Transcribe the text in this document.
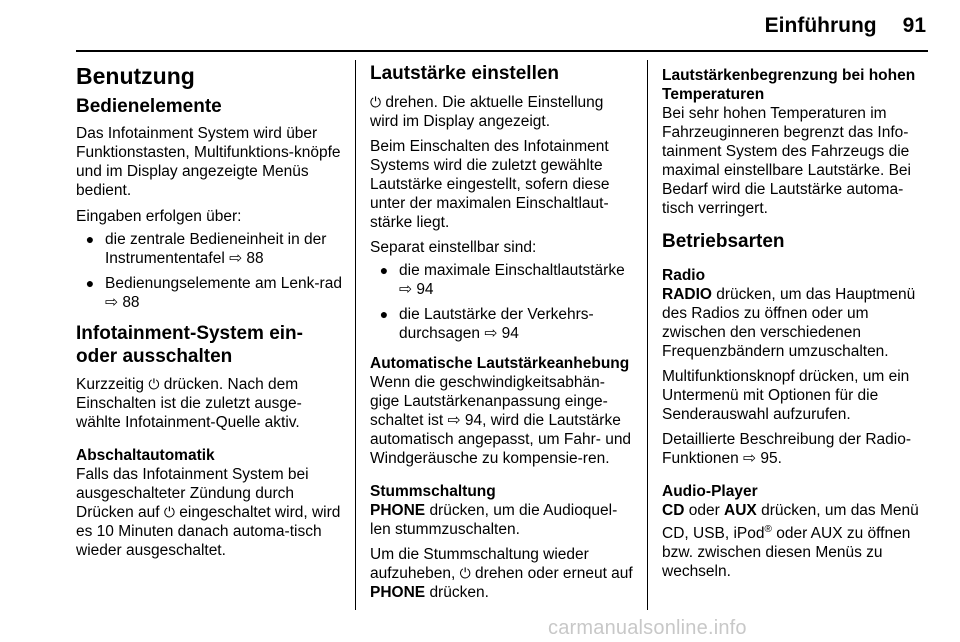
Einführung 91

Benutzung

Bedienelemente

Das Infotainment System wird über Funktionstasten, Multifunktions-knöpfe und im Display angezeigte Menüs bedient.

Eingaben erfolgen über:

● die zentrale Bedieneinheit in der Instrumententafel ⇨ 88
● Bedienungselemente am Lenk-rad ⇨ 88

Infotainment-System ein- oder ausschalten

Kurzzeitig ⏻ drücken. Nach dem Einschalten ist die zuletzt ausge-wählte Infotainment-Quelle aktiv.

Abschaltautomatik

Falls das Infotainment System bei ausgeschalteter Zündung durch Drücken auf ⏻ eingeschaltet wird, wird es 10 Minuten danach automa-tisch wieder ausgeschaltet.

Lautstärke einstellen

⏻ drehen. Die aktuelle Einstellung wird im Display angezeigt.

Beim Einschalten des Infotainment Systems wird die zuletzt gewählte Lautstärke eingestellt, sofern diese unter der maximalen Einschaltlaut-stärke liegt.

Separat einstellbar sind:

● die maximale Einschaltlautstärke ⇨ 94
● die Lautstärke der Verkehrs-durchsagen ⇨ 94

Automatische Lautstärkeanhebung

Wenn die geschwindigkeitsabhän-gige Lautstärkenanpassung einge-schaltet ist ⇨ 94, wird die Lautstärke automatisch angepasst, um Fahr- und Windgeräusche zu kompensie-ren.

Stummschaltung

PHONE drücken, um die Audioquel-len stummzuschalten.

Um die Stummschaltung wieder aufzuheben, ⏻ drehen oder erneut auf PHONE drücken.

Lautstärkenbegrenzung bei hohen Temperaturen

Bei sehr hohen Temperaturen im Fahrzeuginneren begrenzt das Info-tainment System des Fahrzeugs die maximal einstellbare Lautstärke. Bei Bedarf wird die Lautstärke automa-tisch verringert.

Betriebsarten

Radio

RADIO drücken, um das Hauptmenü des Radios zu öffnen oder um zwischen den verschiedenen Frequenzbändern umzuschalten.

Multifunktionsknopf drücken, um ein Untermenü mit Optionen für die Senderauswahl aufzurufen.

Detaillierte Beschreibung der Radio-Funktionen ⇨ 95.

Audio-Player

CD oder AUX drücken, um das Menü CD, USB, iPod® oder AUX zu öffnen bzw. zwischen diesen Menüs zu wechseln.

carmanualsonline.info
